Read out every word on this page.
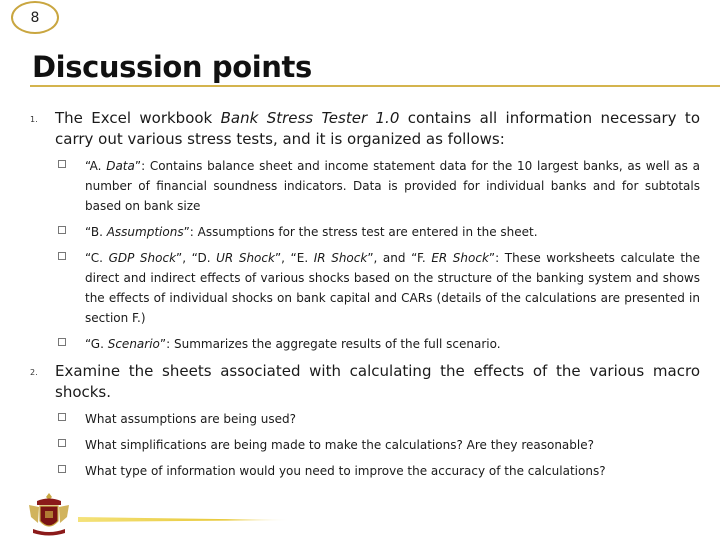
8
Discussion points
1. The Excel workbook Bank Stress Tester 1.0 contains all information necessary to carry out various stress tests, and it is organized as follows:
“A. Data”: Contains balance sheet and income statement data for the 10 largest banks, as well as a number of financial soundness indicators. Data is provided for individual banks and for subtotals based on bank size
“B. Assumptions”: Assumptions for the stress test are entered in the sheet.
“C. GDP Shock”, “D. UR Shock”, “E. IR Shock”, and “F. ER Shock”: These worksheets calculate the direct and indirect effects of various shocks based on the structure of the banking system and shows the effects of individual shocks on bank capital and CARs (details of the calculations are presented in section F.)
“G. Scenario”: Summarizes the aggregate results of the full scenario.
2. Examine the sheets associated with calculating the effects of the various macro shocks.
What assumptions are being used?
What simplifications are being made to make the calculations? Are they reasonable?
What type of information would you need to improve the accuracy of the calculations?
